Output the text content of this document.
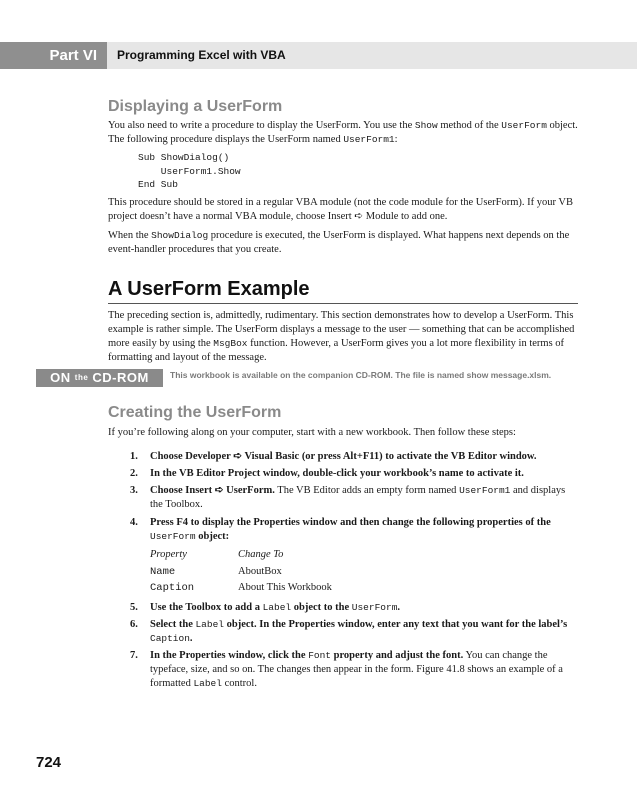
Part VI	Programming Excel with VBA
Displaying a UserForm

You also need to write a procedure to display the UserForm. You use the Show method of the UserForm object. The following procedure displays the UserForm named UserForm1:

Sub ShowDialog()
UserForm1.Show
End Sub

This procedure should be stored in a regular VBA module (not the code module for the UserForm). If your VB project doesn’t have a normal VBA module, choose Insert ➪ Module to add one.

When the ShowDialog procedure is executed, the UserForm is displayed. What happens next depends on the event-handler procedures that you create.

A UserForm Example

The preceding section is, admittedly, rudimentary. This section demonstrates how to develop a UserForm. This example is rather simple. The UserForm displays a message to the user — something that can be accomplished more easily by using the MsgBox function. However, a UserForm gives you a lot more flexibility in terms of formatting and layout of the message.

ON the CD-ROM	This workbook is available on the companion CD-ROM. The file is named show message.xlsm.
Creating the UserForm

If you’re following along on your computer, start with a new workbook. Then follow these steps:

1. Choose Developer ➪ Visual Basic (or press Alt+F11) to activate the VB Editor window.
2. In the VB Editor Project window, double-click your workbook’s name to activate it.
3. Choose Insert ➪ UserForm. The VB Editor adds an empty form named UserForm1 and displays the Toolbox.
4. Press F4 to display the Properties window and then change the following properties of the UserForm object:
Property	Change To
Name	AboutBox
Caption	About This Workbook
5. Use the Toolbox to add a Label object to the UserForm.
6. Select the Label object. In the Properties window, enter any text that you want for the label’s Caption.
7. In the Properties window, click the Font property and adjust the font. You can change the typeface, size, and so on. The changes then appear in the form. Figure 41.8 shows an example of a formatted Label control.
724
